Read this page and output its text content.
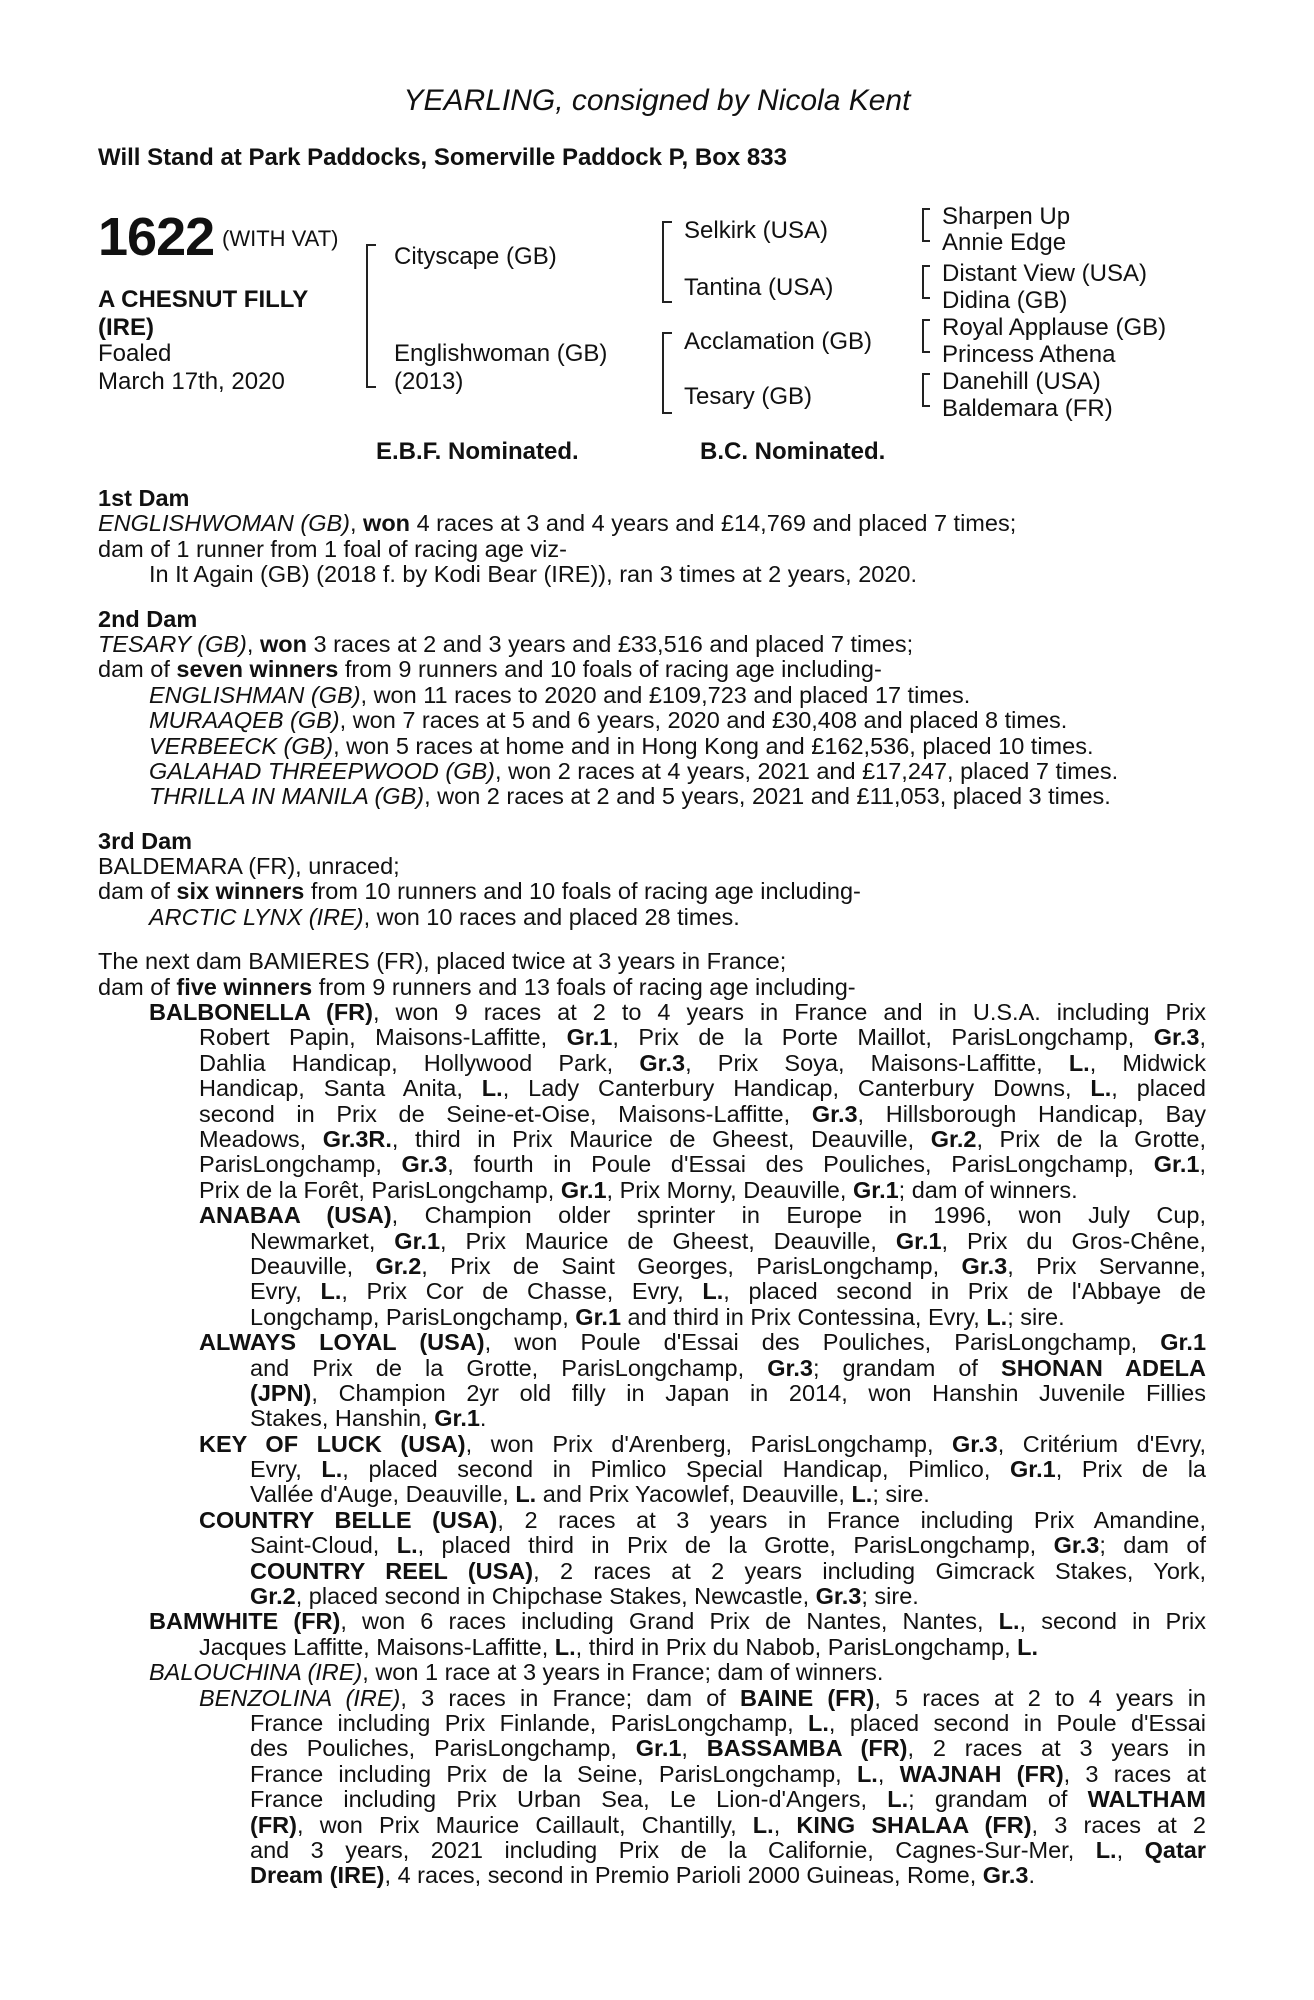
YEARLING, consigned by Nicola Kent
Will Stand at Park Paddocks, Somerville Paddock P, Box 833
1622 (WITH VAT)
A CHESNUT FILLY
(IRE)
Foaled
March 17th, 2020
Cityscape (GB)
Englishwoman (GB)
(2013)
Selkirk (USA)
Tantina (USA)
Acclamation (GB)
Tesary (GB)
Sharpen Up
Annie Edge
Distant View (USA)
Didina (GB)
Royal Applause (GB)
Princess Athena
Danehill (USA)
Baldemara (FR)
E.B.F. Nominated.	B.C. Nominated.
1st Dam
ENGLISHWOMAN (GB), won 4 races at 3 and 4 years and £14,769 and placed 7 times;
dam of 1 runner from 1 foal of racing age viz-
In It Again (GB) (2018 f. by Kodi Bear (IRE)), ran 3 times at 2 years, 2020.
2nd Dam
TESARY (GB), won 3 races at 2 and 3 years and £33,516 and placed 7 times;
dam of seven winners from 9 runners and 10 foals of racing age including-
ENGLISHMAN (GB), won 11 races to 2020 and £109,723 and placed 17 times.
MURAAQEB (GB), won 7 races at 5 and 6 years, 2020 and £30,408 and placed 8 times.
VERBEECK (GB), won 5 races at home and in Hong Kong and £162,536, placed 10 times.
GALAHAD THREEPWOOD (GB), won 2 races at 4 years, 2021 and £17,247, placed 7 times.
THRILLA IN MANILA (GB), won 2 races at 2 and 5 years, 2021 and £11,053, placed 3 times.
3rd Dam
BALDEMARA (FR), unraced;
dam of six winners from 10 runners and 10 foals of racing age including-
ARCTIC LYNX (IRE), won 10 races and placed 28 times.
The next dam BAMIERES (FR), placed twice at 3 years in France;
dam of five winners from 9 runners and 13 foals of racing age including-
BALBONELLA (FR), won 9 races at 2 to 4 years in France and in U.S.A. including Prix
Robert Papin, Maisons-Laffitte, Gr.1, Prix de la Porte Maillot, ParisLongchamp, Gr.3,
Dahlia Handicap, Hollywood Park, Gr.3, Prix Soya, Maisons-Laffitte, L., Midwick
Handicap, Santa Anita, L., Lady Canterbury Handicap, Canterbury Downs, L., placed
second in Prix de Seine-et-Oise, Maisons-Laffitte, Gr.3, Hillsborough Handicap, Bay
Meadows, Gr.3R., third in Prix Maurice de Gheest, Deauville, Gr.2, Prix de la Grotte,
ParisLongchamp, Gr.3, fourth in Poule d'Essai des Pouliches, ParisLongchamp, Gr.1,
Prix de la Forêt, ParisLongchamp, Gr.1, Prix Morny, Deauville, Gr.1; dam of winners.
ANABAA (USA), Champion older sprinter in Europe in 1996, won July Cup,
Newmarket, Gr.1, Prix Maurice de Gheest, Deauville, Gr.1, Prix du Gros-Chêne,
Deauville, Gr.2, Prix de Saint Georges, ParisLongchamp, Gr.3, Prix Servanne,
Evry, L., Prix Cor de Chasse, Evry, L., placed second in Prix de l'Abbaye de
Longchamp, ParisLongchamp, Gr.1 and third in Prix Contessina, Evry, L.; sire.
ALWAYS LOYAL (USA), won Poule d'Essai des Pouliches, ParisLongchamp, Gr.1
and Prix de la Grotte, ParisLongchamp, Gr.3; grandam of SHONAN ADELA
(JPN), Champion 2yr old filly in Japan in 2014, won Hanshin Juvenile Fillies
Stakes, Hanshin, Gr.1.
KEY OF LUCK (USA), won Prix d'Arenberg, ParisLongchamp, Gr.3, Critérium d'Evry,
Evry, L., placed second in Pimlico Special Handicap, Pimlico, Gr.1, Prix de la
Vallée d'Auge, Deauville, L. and Prix Yacowlef, Deauville, L.; sire.
COUNTRY BELLE (USA), 2 races at 3 years in France including Prix Amandine,
Saint-Cloud, L., placed third in Prix de la Grotte, ParisLongchamp, Gr.3; dam of
COUNTRY REEL (USA), 2 races at 2 years including Gimcrack Stakes, York,
Gr.2, placed second in Chipchase Stakes, Newcastle, Gr.3; sire.
BAMWHITE (FR), won 6 races including Grand Prix de Nantes, Nantes, L., second in Prix
Jacques Laffitte, Maisons-Laffitte, L., third in Prix du Nabob, ParisLongchamp, L.
BALOUCHINA (IRE), won 1 race at 3 years in France; dam of winners.
BENZOLINA (IRE), 3 races in France; dam of BAINE (FR), 5 races at 2 to 4 years in
France including Prix Finlande, ParisLongchamp, L., placed second in Poule d'Essai
des Pouliches, ParisLongchamp, Gr.1, BASSAMBA (FR), 2 races at 3 years in
France including Prix de la Seine, ParisLongchamp, L., WAJNAH (FR), 3 races at
France including Prix Urban Sea, Le Lion-d'Angers, L.; grandam of WALTHAM
(FR), won Prix Maurice Caillault, Chantilly, L., KING SHALAA (FR), 3 races at 2
and 3 years, 2021 including Prix de la Californie, Cagnes-Sur-Mer, L., Qatar
Dream (IRE), 4 races, second in Premio Parioli 2000 Guineas, Rome, Gr.3.
